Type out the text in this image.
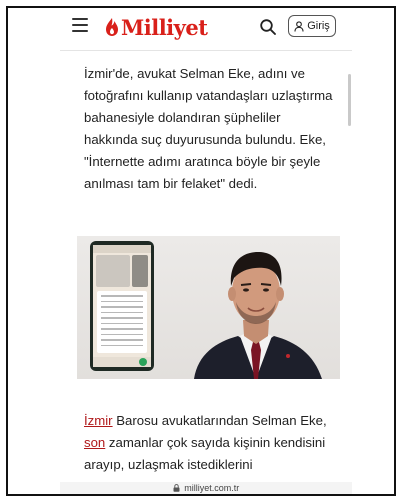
Milliyet	Giriş

İzmir'de, avukat Selman Eke, adını ve fotoğrafını kullanıp vatandaşları uzlaştırma bahanesiyle dolandıran şüpheliler hakkında suç duyurusunda bulundu. Eke, "İnternette adımı aratınca böyle bir şeyle anılması tam bir felaket" dedi.

İzmir Barosu avukatlarından Selman Eke, son zamanlar çok sayıda kişinin kendisini arayıp, uzlaşmak istediklerini

milliyet.com.tr
